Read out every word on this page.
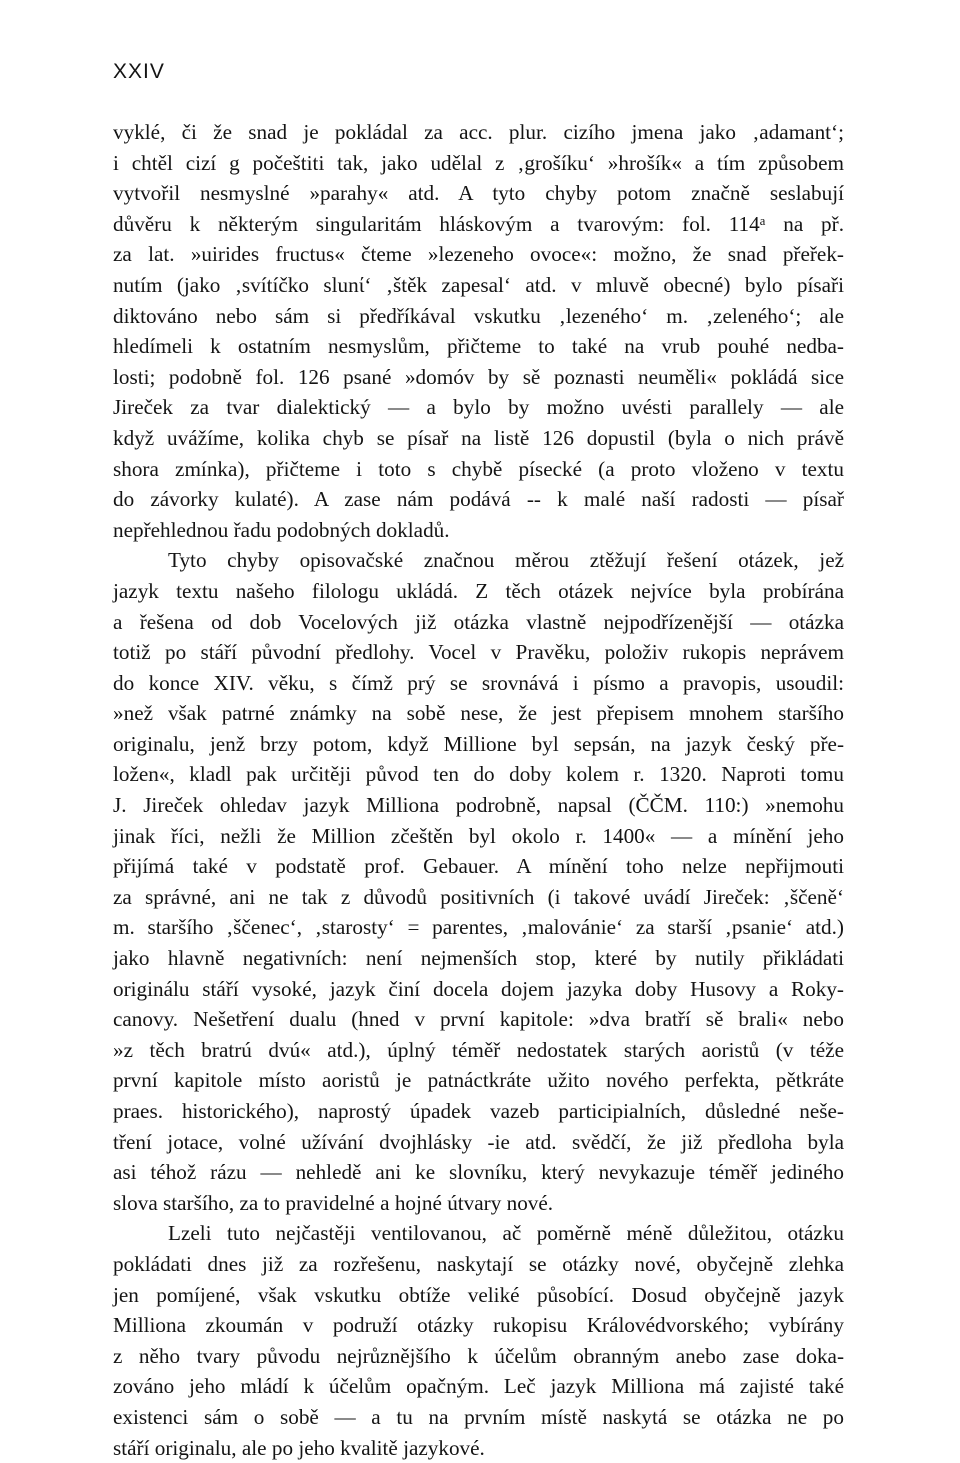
XXIV
vyklé, či že snad je pokládal za acc. plur. cizího jmena jako ‚adamant‘;
i chtěl cizí g počeštiti tak, jako udělal z ‚grošíku‘ »hrošík« a tím způsobem
vytvořil nesmyslné »parahy« atd. A tyto chyby potom značně seslabují
důvěru k některým singularitám hláskovým a tvarovým: fol. 114ᵃ na př.
za lat. »uirides fructus« čteme »lezeneho ovoce«: možno, že snad přeřek-
nutím (jako ‚svítíčko slunί‘ ‚štěk zapesal‘ atd. v mluvě obecné) bylo písaři
diktováno nebo sám si předříkával vskutku ‚lezeného‘ m. ‚zeleného‘; ale
hledímeli k ostatním nesmyslům, přičteme to také na vrub pouhé nedba-
losti; podobně fol. 126 psané »domóv by sě poznasti neuměli« pokládá sice
Jireček za tvar dialektický — a bylo by možno uvésti parallely — ale
když uvážíme, kolika chyb se písař na listě 126 dopustil (byla o nich právě
shora zmínka), přičteme i toto s chybě písecké (a proto vloženo v textu
do závorky kulaté). A zase nám podává -- k malé naší radosti — písař
nepřehlednou řadu podobných dokladů.
Tyto chyby opisovačské značnou měrou ztěžují řešení otázek, jež
jazyk textu našeho filologu ukládá. Z těch otázek nejvíce byla probírána
a řešena od dob Vocelových již otázka vlastně nejpodřízenější — otázka
totiž po stáří původní předlohy. Vocel v Pravěku, položiv rukopis neprávem
do konce XIV. věku, s čímž prý se srovnává i písmo a pravopis, usoudil:
»než však patrné známky na sobě nese, že jest přepisem mnohem staršího
originalu, jenž brzy potom, když Millione byl sepsán, na jazyk český pře-
ložen«, kladl pak určitěji původ ten do doby kolem r. 1320. Naproti tomu
J. Jireček ohledav jazyk Milliona podrobně, napsal (ČČM. 110:) »nemohu
jinak říci, nežli že Million zčeštěn byl okolo r. 1400« — a mínění jeho
přijímá také v podstatě prof. Gebauer. A mínění toho nelze nepřijmouti
za správné, ani ne tak z důvodů positivních (i takové uvádí Jireček: ‚ščeně‘
m. staršího ‚ščenec‘, ‚starosty‘ = parentes, ‚malovánie‘ za starší ‚psanie‘ atd.)
jako hlavně negativních: není nejmenších stop, které by nutily přikládati
originálu stáří vysoké, jazyk činí docela dojem jazyka doby Husovy a Roky-
canovy. Nešetření dualu (hned v první kapitole: »dva bratří sě brali« nebo
»z těch bratrú dvú« atd.), úplný téměř nedostatek starých aoristů (v téže
první kapitole místo aoristů je patnáctkráte užito nového perfekta, pětkráte
praes. historického), naprostý úpadek vazeb participialních, důsledné neše-
tření jotace, volné užívání dvojhlásky -ie atd. svědčí, že již předloha byla
asi téhož rázu — nehledě ani ke slovníku, který nevykazuje téměř jediného
slova staršího, za to pravidelné a hojné útvary nové.
Lzeli tuto nejčastěji ventilovanou, ač poměrně méně důležitou, otázku
pokládati dnes již za rozřešenu, naskytají se otázky nové, obyčejně zlehka
jen pomíjené, však vskutku obtíže veliké působící. Dosud obyčejně jazyk
Milliona zkoumán v podruží otázky rukopisu Královédvorského; vybírány
z něho tvary původu nejrůznějšího k účelům obranným anebo zase doka-
zováno jeho mládí k účelům opačným. Leč jazyk Milliona má zajisté také
existenci sám o sobě — a tu na prvním místě naskytá se otázka ne po
stáří originalu, ale po jeho kvalitě jazykové.
